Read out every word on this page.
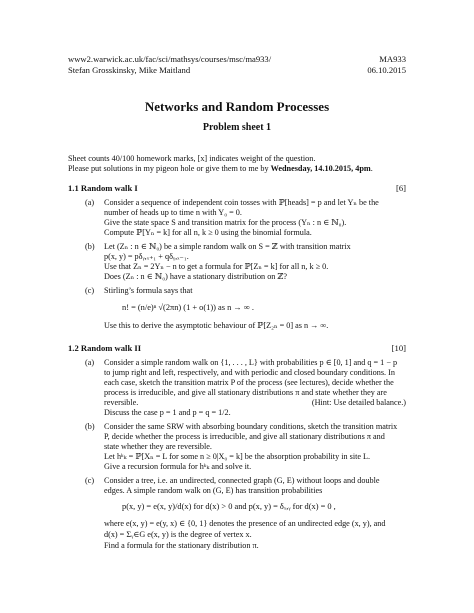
www2.warwick.ac.uk/fac/sci/mathsys/courses/msc/ma933/
Stefan Grosskinsky, Mike Maitland
MA933
06.10.2015
Networks and Random Processes
Problem sheet 1
Sheet counts 40/100 homework marks, [x] indicates weight of the question.
Please put solutions in my pigeon hole or give them to me by Wednesday, 14.10.2015, 4pm.
1.1 Random walk I	[6]
(a) Consider a sequence of independent coin tosses with ℙ[heads] = p and let Yₙ be the
number of heads up to time n with Y₀ = 0.
Give the state space S and transition matrix for the process (Yₙ : n ∈ ℕ₀).
Compute ℙ[Yₙ = k] for all n, k ≥ 0 using the binomial formula.
(b) Let (Zₙ : n ∈ ℕ₀) be a simple random walk on S = ℤ with transition matrix
p(x, y) = pδᵧ,ₓ₊₁ + qδᵧ,ₓ₋₁.
Use that Zₙ = 2Yₙ − n to get a formula for ℙ[Zₙ = k] for all n, k ≥ 0.
Does (Zₙ : n ∈ ℕ₀) have a stationary distribution on ℤ?
(c) Stirling’s formula says that
n! = (n/e)ⁿ √(2πn) (1 + o(1)) as n → ∞ .
Use this to derive the asymptotic behaviour of ℙ[Z₂ₙ = 0] as n → ∞.
1.2 Random walk II	[10]
(a) Consider a simple random walk on {1, . . . , L} with probabilities p ∈ [0, 1] and q = 1 − p
to jump right and left, respectively, and with periodic and closed boundary conditions. In
each case, sketch the transition matrix P of the process (see lectures), decide whether the
process is irreducible, and give all stationary distributions π and state whether they are
reversible.	(Hint: Use detailed balance.)
Discuss the case p = 1 and p = q = 1/2.
(b) Consider the same SRW with absorbing boundary conditions, sketch the transition matrix
P, decide whether the process is irreducible, and give all stationary distributions π and
state whether they are reversible.
Let hᵏₖ = ℙ[Xₙ = L for some n ≥ 0|X₀ = k] be the absorption probability in site L.
Give a recursion formula for hᵏₖ and solve it.
(c) Consider a tree, i.e. an undirected, connected graph (G, E) without loops and double
edges. A simple random walk on (G, E) has transition probabilities
p(x, y) = e(x, y)/d(x) for d(x) > 0 and p(x, y) = δₓ,ᵧ for d(x) = 0 ,
where e(x, y) = e(y, x) ∈ {0, 1} denotes the presence of an undirected edge (x, y), and
d(x) = Σᵧ∈G e(x, y) is the degree of vertex x.
Find a formula for the stationary distribution π.
